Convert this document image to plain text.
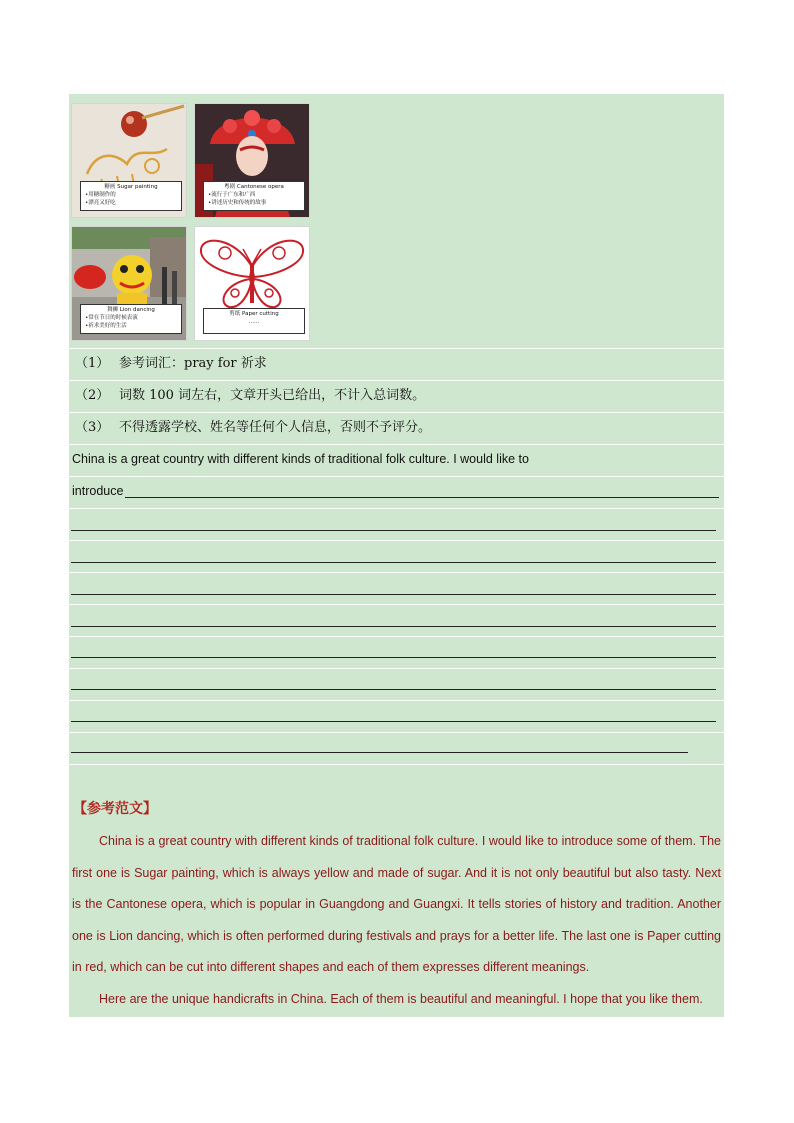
糖画 Sugar painting
•用糖制作的
•漂亮又好吃
粤剧 Cantonese opera
•流行于广东和广西
•讲述历史和传统的故事
舞狮 Lion dancing
•常在节日的时候表演
•祈求美好的生活
剪纸 Paper cutting
......
（1） 参考词汇：pray for 祈求
（2） 词数 100 词左右，文章开头已给出，不计入总词数。
（3） 不得透露学校、姓名等任何个人信息，否则不予评分。
China is a great country with different kinds of traditional folk culture. I would like to
introduce
【参考范文】

China is a great country with different kinds of traditional folk culture. I would like to introduce some of them. The first one is Sugar painting, which is always yellow and made of sugar. And it is not only beautiful but also tasty. Next is the Cantonese opera, which is popular in Guangdong and Guangxi. It tells stories of history and tradition. Another one is Lion dancing, which is often performed during festivals and prays for a better life. The last one is Paper cutting in red, which can be cut into different shapes and each of them expresses different meanings.

Here are the unique handicrafts in China. Each of them is beautiful and meaningful. I hope that you like them.
